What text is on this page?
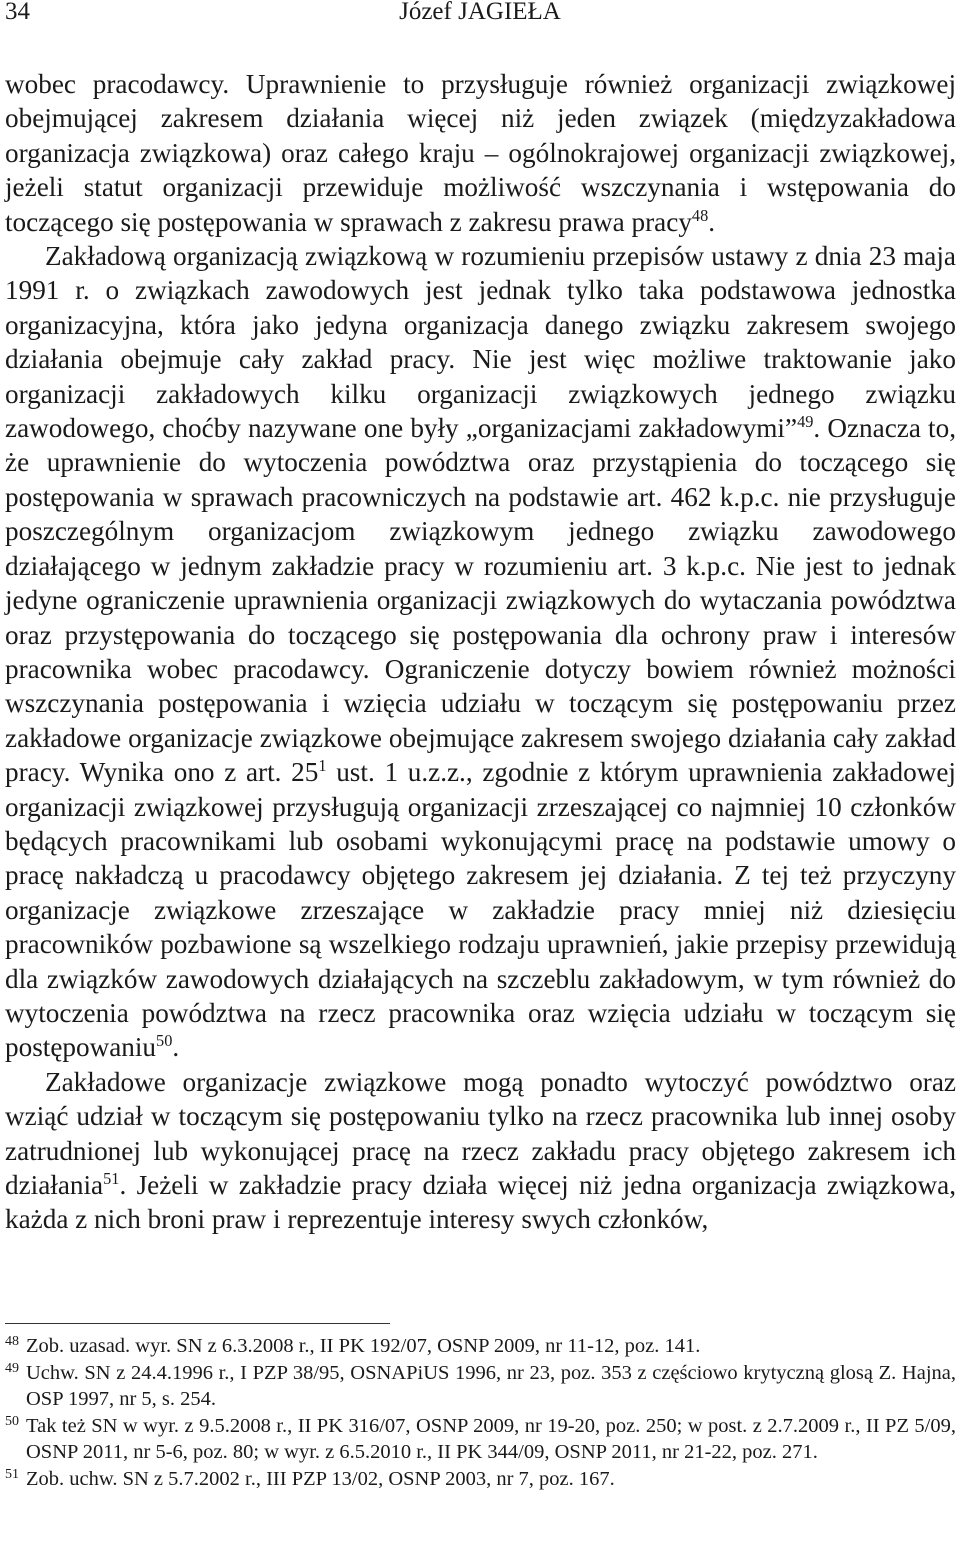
34	Józef JAGIEŁA

wobec pracodawcy. Uprawnienie to przysługuje również organizacji związkowej obejmującej zakresem działania więcej niż jeden związek (międzyzakładowa organizacja związkowa) oraz całego kraju – ogólnokrajowej organizacji związkowej, jeżeli statut organizacji przewiduje możliwość wszczynania i wstępowania do toczącego się postępowania w sprawach z zakresu prawa pracy$^{48}$.

Zakładową organizacją związkową w rozumieniu przepisów ustawy z dnia 23 maja 1991 r. o związkach zawodowych jest jednak tylko taka podstawowa jednostka organizacyjna, która jako jedyna organizacja danego związku zakresem swojego działania obejmuje cały zakład pracy. Nie jest więc możliwe traktowanie jako organizacji zakładowych kilku organizacji związkowych jednego związku zawodowego, choćby nazywane one były „organizacjami zakładowymi”$^{49}$. Oznacza to, że uprawnienie do wytoczenia powództwa oraz przystąpienia do toczącego się postępowania w sprawach pracowniczych na podstawie art. 462 k.p.c. nie przysługuje poszczególnym organizacjom związkowym jednego związku zawodowego działającego w jednym zakładzie pracy w rozumieniu art. 3 k.p.c. Nie jest to jednak jedyne ograniczenie uprawnienia organizacji związkowych do wytaczania powództwa oraz przystępowania do toczącego się postępowania dla ochrony praw i interesów pracownika wobec pracodawcy. Ograniczenie dotyczy bowiem również możności wszczynania postępowania i wzięcia udziału w toczącym się postępowaniu przez zakładowe organizacje związkowe obejmujące zakresem swojego działania cały zakład pracy. Wynika ono z art. $25^1$ ust. 1 u.z.z., zgodnie z którym uprawnienia zakładowej organizacji związkowej przysługują organizacji zrzeszającej co najmniej 10 członków będących pracownikami lub osobami wykonującymi pracę na podstawie umowy o pracę nakładczą u pracodawcy objętego zakresem jej działania. Z tej też przyczyny organizacje związkowe zrzeszające w zakładzie pracy mniej niż dziesięciu pracowników pozbawione są wszelkiego rodzaju uprawnień, jakie przepisy przewidują dla związków zawodowych działających na szczeblu zakładowym, w tym również do wytoczenia powództwa na rzecz pracownika oraz wzięcia udziału w toczącym się postępowaniu$^{50}$.

Zakładowe organizacje związkowe mogą ponadto wytoczyć powództwo oraz wziąć udział w toczącym się postępowaniu tylko na rzecz pracownika lub innej osoby zatrudnionej lub wykonującej pracę na rzecz zakładu pracy objętego zakresem ich działania$^{51}$. Jeżeli w zakładzie pracy działa więcej niż jedna organizacja związkowa, każda z nich broni praw i reprezentuje interesy swych członków,

48 Zob. uzasad. wyr. SN z 6.3.2008 r., II PK 192/07, OSNP 2009, nr 11-12, poz. 141.
49 Uchw. SN z 24.4.1996 r., I PZP 38/95, OSNAPiUS 1996, nr 23, poz. 353 z częściowo krytyczną glosą Z. Hajna, OSP 1997, nr 5, s. 254.
50 Tak też SN w wyr. z 9.5.2008 r., II PK 316/07, OSNP 2009, nr 19-20, poz. 250; w post. z 2.7.2009 r., II PZ 5/09, OSNP 2011, nr 5-6, poz. 80; w wyr. z 6.5.2010 r., II PK 344/09, OSNP 2011, nr 21-22, poz. 271.
51 Zob. uchw. SN z 5.7.2002 r., III PZP 13/02, OSNP 2003, nr 7, poz. 167.
